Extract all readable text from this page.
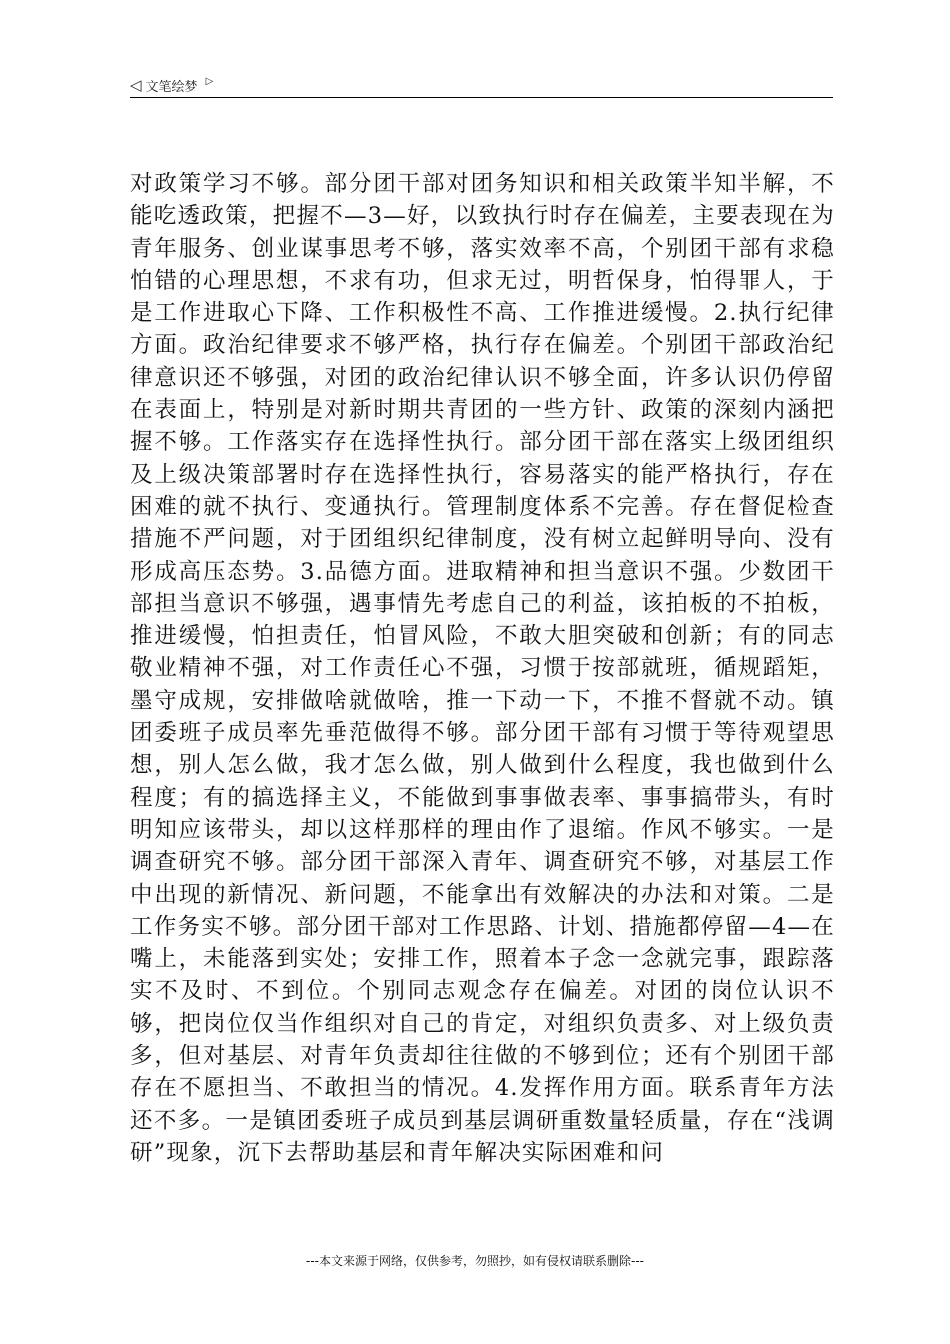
◁ 文笔绘梦 ▷
对政策学习不够。部分团干部对团务知识和相关政策半知半解，不能吃透政策，把握不—3—好，以致执行时存在偏差，主要表现在为青年服务、创业谋事思考不够，落实效率不高，个别团干部有求稳怕错的心理思想，不求有功，但求无过，明哲保身，怕得罪人，于是工作进取心下降、工作积极性不高、工作推进缓慢。2.执行纪律方面。政治纪律要求不够严格，执行存在偏差。个别团干部政治纪律意识还不够强，对团的政治纪律认识不够全面，许多认识仍停留在表面上，特别是对新时期共青团的一些方针、政策的深刻内涵把握不够。工作落实存在选择性执行。部分团干部在落实上级团组织及上级决策部署时存在选择性执行，容易落实的能严格执行，存在困难的就不执行、变通执行。管理制度体系不完善。存在督促检查措施不严问题，对于团组织纪律制度，没有树立起鲜明导向、没有形成高压态势。3.品德方面。进取精神和担当意识不强。少数团干部担当意识不够强，遇事情先考虑自己的利益，该拍板的不拍板，推进缓慢，怕担责任，怕冒风险，不敢大胆突破和创新；有的同志敬业精神不强，对工作责任心不强，习惯于按部就班，循规蹈矩，墨守成规，安排做啥就做啥，推一下动一下，不推不督就不动。镇团委班子成员率先垂范做得不够。部分团干部有习惯于等待观望思想，别人怎么做，我才怎么做，别人做到什么程度，我也做到什么程度；有的搞选择主义，不能做到事事做表率、事事搞带头，有时明知应该带头，却以这样那样的理由作了退缩。作风不够实。一是调查研究不够。部分团干部深入青年、调查研究不够，对基层工作中出现的新情况、新问题，不能拿出有效解决的办法和对策。二是工作务实不够。部分团干部对工作思路、计划、措施都停留—4—在嘴上，未能落到实处；安排工作，照着本子念一念就完事，跟踪落实不及时、不到位。个别同志观念存在偏差。对团的岗位认识不够，把岗位仅当作组织对自己的肯定，对组织负责多、对上级负责多，但对基层、对青年负责却往往做的不够到位；还有个别团干部存在不愿担当、不敢担当的情况。4.发挥作用方面。联系青年方法还不多。一是镇团委班子成员到基层调研重数量轻质量，存在“浅调研”现象，沉下去帮助基层和青年解决实际困难和问
---本文来源于网络，仅供参考，勿照抄，如有侵权请联系删除---
